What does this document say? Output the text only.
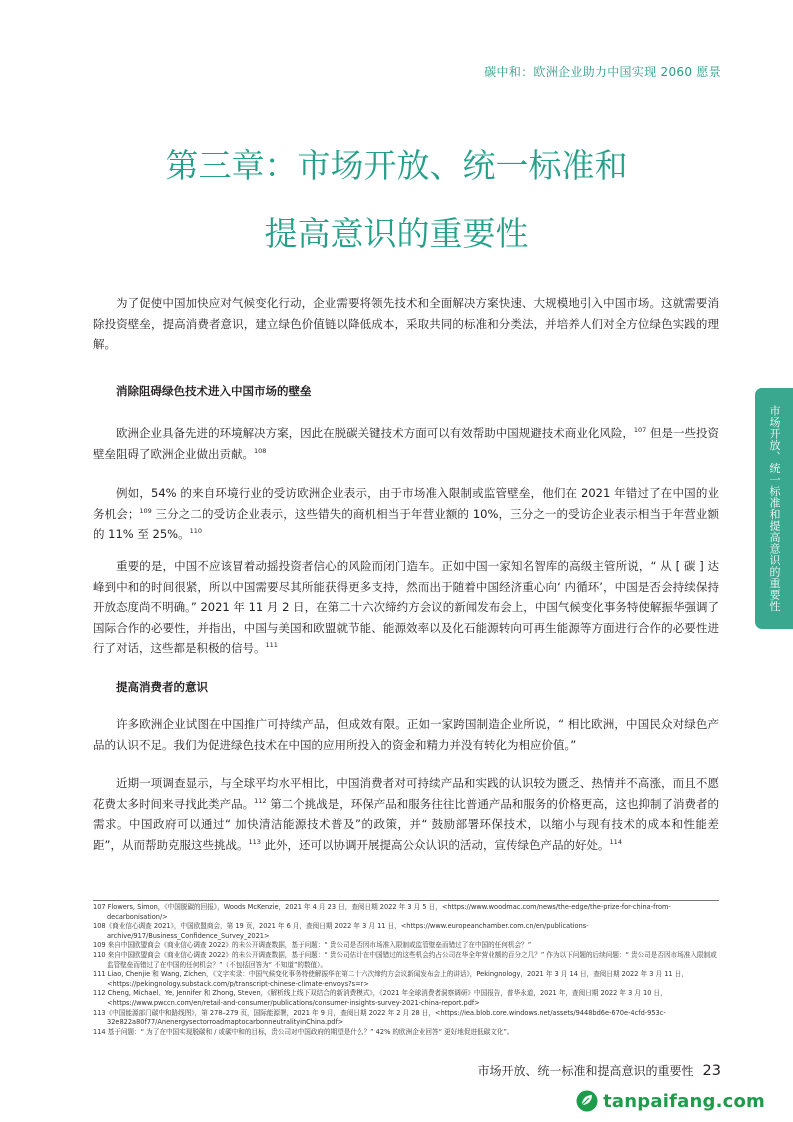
碳中和：欧洲企业助力中国实现 2060 愿景
第三章：市场开放、统一标准和
提高意识的重要性
市场开放、统一标准和提高意识的重要性

为了促使中国加快应对气候变化行动，企业需要将领先技术和全面解决方案快速、大规模地引入中国市场。这就需要消除投资壁垒，提高消费者意识，建立绿色价值链以降低成本，采取共同的标准和分类法，并培养人们对全方位绿色实践的理解。

消除阻碍绿色技术进入中国市场的壁垒

欧洲企业具备先进的环境解决方案，因此在脱碳关键技术方面可以有效帮助中国规避技术商业化风险，$^{107}$ 但是一些投资壁垒阻碍了欧洲企业做出贡献。$^{108}$

例如，54% 的来自环境行业的受访欧洲企业表示，由于市场准入限制或监管壁垒，他们在 2021 年错过了在中国的业务机会；$^{109}$ 三分之二的受访企业表示，这些错失的商机相当于年营业额的 10%，三分之一的受访企业表示相当于年营业额的 11% 至 25%。$^{110}$

重要的是，中国不应该冒着动摇投资者信心的风险而闭门造车。正如中国一家知名智库的高级主管所说，“ 从 [ 碳 ] 达峰到中和的时间很紧，所以中国需要尽其所能获得更多支持，然而出于随着中国经济重心向‘ 内循环’，中国是否会持续保持开放态度尚不明确。” 2021 年 11 月 2 日，在第二十六次缔约方会议的新闻发布会上，中国气候变化事务特使解振华强调了国际合作的必要性，并指出，中国与美国和欧盟就节能、能源效率以及化石能源转向可再生能源等方面进行合作的必要性进行了对话，这些都是积极的信号。$^{111}$

提高消费者的意识

许多欧洲企业试图在中国推广可持续产品，但成效有限。正如一家跨国制造企业所说，“ 相比欧洲，中国民众对绿色产品的认识不足。我们为促进绿色技术在中国的应用所投入的资金和精力并没有转化为相应价值。”

近期一项调查显示，与全球平均水平相比，中国消费者对可持续产品和实践的认识较为匮乏、热情并不高涨，而且不愿花费太多时间来寻找此类产品。$^{112}$ 第二个挑战是，环保产品和服务往往比普通产品和服务的价格更高，这也抑制了消费者的需求。中国政府可以通过“ 加快清洁能源技术普及”的政策，并“ 鼓励部署环保技术，以缩小与现有技术的成本和性能差距”，从而帮助克服这些挑战。$^{113}$ 此外，还可以协调开展提高公众认识的活动，宣传绿色产品的好处。$^{114}$

107 Flowers, Simon，《中国脱碳的回报》，Woods McKenzie，2021 年 4 月 23 日，查阅日期 2022 年 3 月 5 日，<https://www.woodmac.com/news/the-edge/the-prize-for-china-from-decarbonisation/>
108《商业信心调查 2021》，中国欧盟商会，第 19 页，2021 年 6 月，查阅日期 2022 年 3 月 11 日，<https://www.europeanchamber.com.cn/en/publications-archive/917/Business_Confidence_Survey_2021>
109 来自中国欧盟商会《商业信心调查 2022》的未公开调查数据，基于问题：“ 贵公司是否因市场准入限制或监管壁垒而错过了在中国的任何机会？”
110 来自中国欧盟商会《商业信心调查 2022》的未公开调查数据，基于问题：“ 贵公司估计在中国错过的这些机会约占公司在华全年营业额的百分之几？” 作为以下问题的后续问题：“ 贵公司是否因市场准入限制或监管壁垒而错过了在中国的任何机会？”（不包括回答为“ 不知道”的数值）。
111 Liao, Chenjie 和 Wang, Zichen，《文字实录：中国气候变化事务特使解振华在第二十六次缔约方会议新闻发布会上的讲话》，Pekingnology，2021 年 3 月 14 日，查阅日期 2022 年 3 月 11 日，<https://pekingnology.substack.com/p/transcript-chinese-climate-envoys?s=r>
112 Cheng, Michael、Ye, Jennifer 和 Zhong, Steven，《解析线上线下双结合的新消费模式》，《2021 年全球消费者洞察调研》中国报告，普华永道，2021 年，查阅日期 2022 年 3 月 10 日，<https://www.pwccn.com/en/retail-and-consumer/publications/consumer-insights-survey-2021-china-report.pdf>
113《中国能源部门碳中和路线图》，第 278–279 页，国际能源署，2021 年 9 月，查阅日期 2022 年 2 月 28 日，<https://iea.blob.core.windows.net/assets/9448bd6e-670e-4cfd-953c-32e822a80f77/AnenergysectorroadmaptocarbonneutralityinChina.pdf>
114 基于问题：“ 为了在中国实现脱碳和 / 或碳中和的目标，贵公司对中国政府的期望是什么？” 42% 的欧洲企业回答“ 更好地促进低碳文化”。
市场开放、统一标准和提高意识的重要性 23
tanpaifang.com
